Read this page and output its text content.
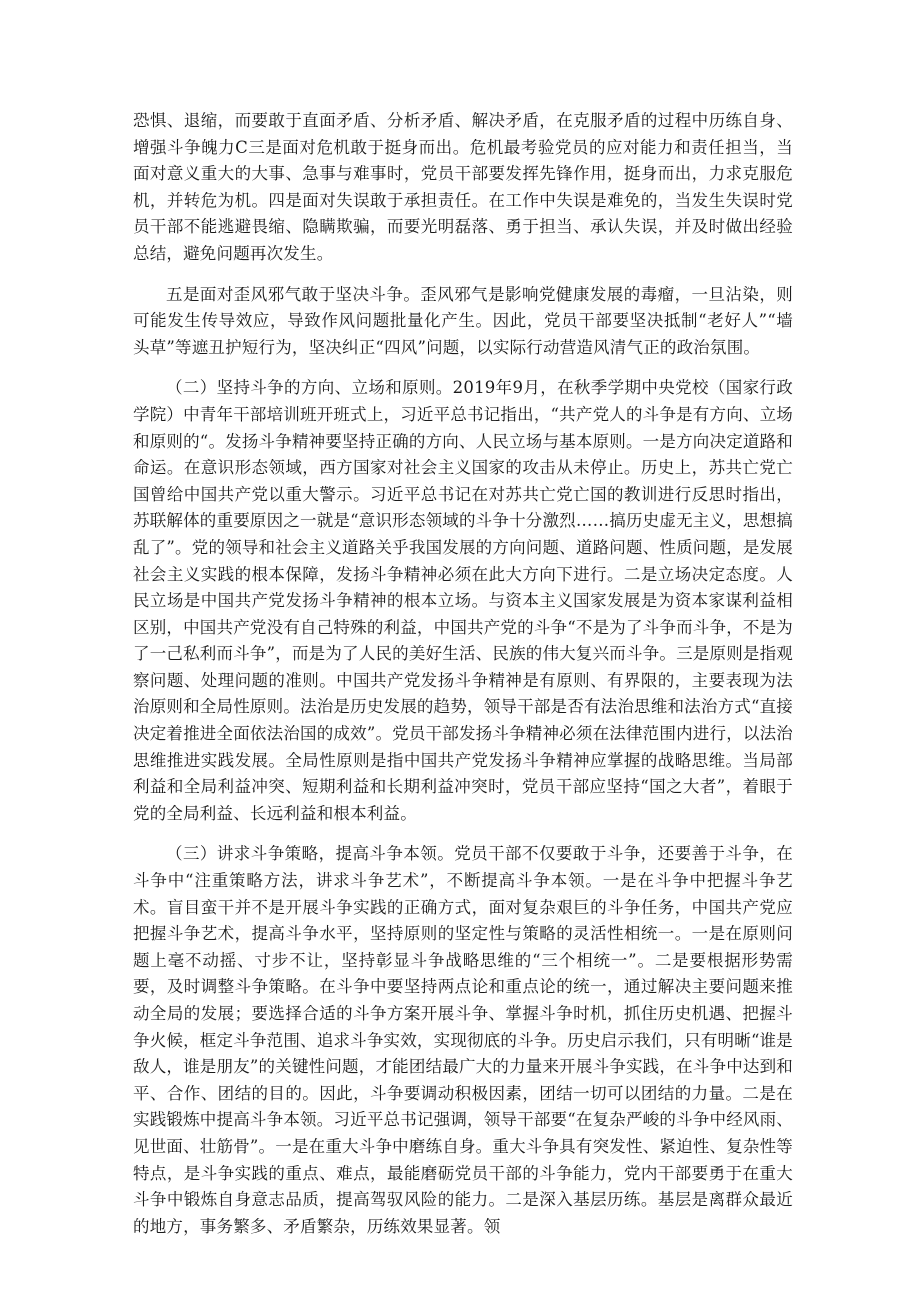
恐惧、退缩，而要敢于直面矛盾、分析矛盾、解决矛盾，在克服矛盾的过程中历练自身、增强斗争魄力C三是面对危机敢于挺身而出。危机最考验党员的应对能力和责任担当，当面对意义重大的大事、急事与难事时，党员干部要发挥先锋作用，挺身而出，力求克服危机，并转危为机。四是面对失误敢于承担责任。在工作中失误是难免的，当发生失误时党员干部不能逃避畏缩、隐瞒欺骗，而要光明磊落、勇于担当、承认失误，并及时做出经验总结，避免问题再次发生。

五是面对歪风邪气敢于坚决斗争。歪风邪气是影响党健康发展的毒瘤，一旦沾染，则可能发生传导效应，导致作风问题批量化产生。因此，党员干部要坚决抵制“老好人”“墙头草”等遮丑护短行为，坚决纠正“四风”问题，以实际行动营造风清气正的政治氛围。

（二）坚持斗争的方向、立场和原则。2019年9月，在秋季学期中央党校（国家行政学院）中青年干部培训班开班式上，习近平总书记指出，“共产党人的斗争是有方向、立场和原则的“。发扬斗争精神要坚持正确的方向、人民立场与基本原则。一是方向决定道路和命运。在意识形态领域，西方国家对社会主义国家的攻击从未停止。历史上，苏共亡党亡国曾给中国共产党以重大警示。习近平总书记在对苏共亡党亡国的教训进行反思时指出，苏联解体的重要原因之一就是“意识形态领域的斗争十分激烈……搞历史虚无主义，思想搞乱了”。党的领导和社会主义道路关乎我国发展的方向问题、道路问题、性质问题，是发展社会主义实践的根本保障，发扬斗争精神必须在此大方向下进行。二是立场决定态度。人民立场是中国共产党发扬斗争精神的根本立场。与资本主义国家发展是为资本家谋利益相区别，中国共产党没有自己特殊的利益，中国共产党的斗争“不是为了斗争而斗争，不是为了一己私利而斗争”，而是为了人民的美好生活、民族的伟大复兴而斗争。三是原则是指观察问题、处理问题的准则。中国共产党发扬斗争精神是有原则、有界限的，主要表现为法治原则和全局性原则。法治是历史发展的趋势，领导干部是否有法治思维和法治方式“直接决定着推进全面依法治国的成效”。党员干部发扬斗争精神必须在法律范围内进行，以法治思维推进实践发展。全局性原则是指中国共产党发扬斗争精神应掌握的战略思维。当局部利益和全局利益冲突、短期利益和长期利益冲突时，党员干部应坚持“国之大者”，着眼于党的全局利益、长远利益和根本利益。

（三）讲求斗争策略，提高斗争本领。党员干部不仅要敢于斗争，还要善于斗争，在斗争中“注重策略方法，讲求斗争艺术”，不断提高斗争本领。一是在斗争中把握斗争艺术。盲目蛮干并不是开展斗争实践的正确方式，面对复杂艰巨的斗争任务，中国共产党应把握斗争艺术，提高斗争水平，坚持原则的坚定性与策略的灵活性相统一。一是在原则问题上毫不动摇、寸步不让，坚持彰显斗争战略思维的“三个相统一”。二是要根据形势需要，及时调整斗争策略。在斗争中要坚持两点论和重点论的统一，通过解决主要问题来推动全局的发展；要选择合适的斗争方案开展斗争、掌握斗争时机，抓住历史机遇、把握斗争火候，框定斗争范围、追求斗争实效，实现彻底的斗争。历史启示我们，只有明晰“谁是敌人，谁是朋友”的关键性问题，才能团结最广大的力量来开展斗争实践，在斗争中达到和平、合作、团结的目的。因此，斗争要调动积极因素，团结一切可以团结的力量。二是在实践锻炼中提高斗争本领。习近平总书记强调，领导干部要“在复杂严峻的斗争中经风雨、见世面、壮筋骨”。一是在重大斗争中磨练自身。重大斗争具有突发性、紧迫性、复杂性等特点，是斗争实践的重点、难点，最能磨砺党员干部的斗争能力，党内干部要勇于在重大斗争中锻炼自身意志品质，提高驾驭风险的能力。二是深入基层历练。基层是离群众最近的地方，事务繁多、矛盾繁杂，历练效果显著。领
